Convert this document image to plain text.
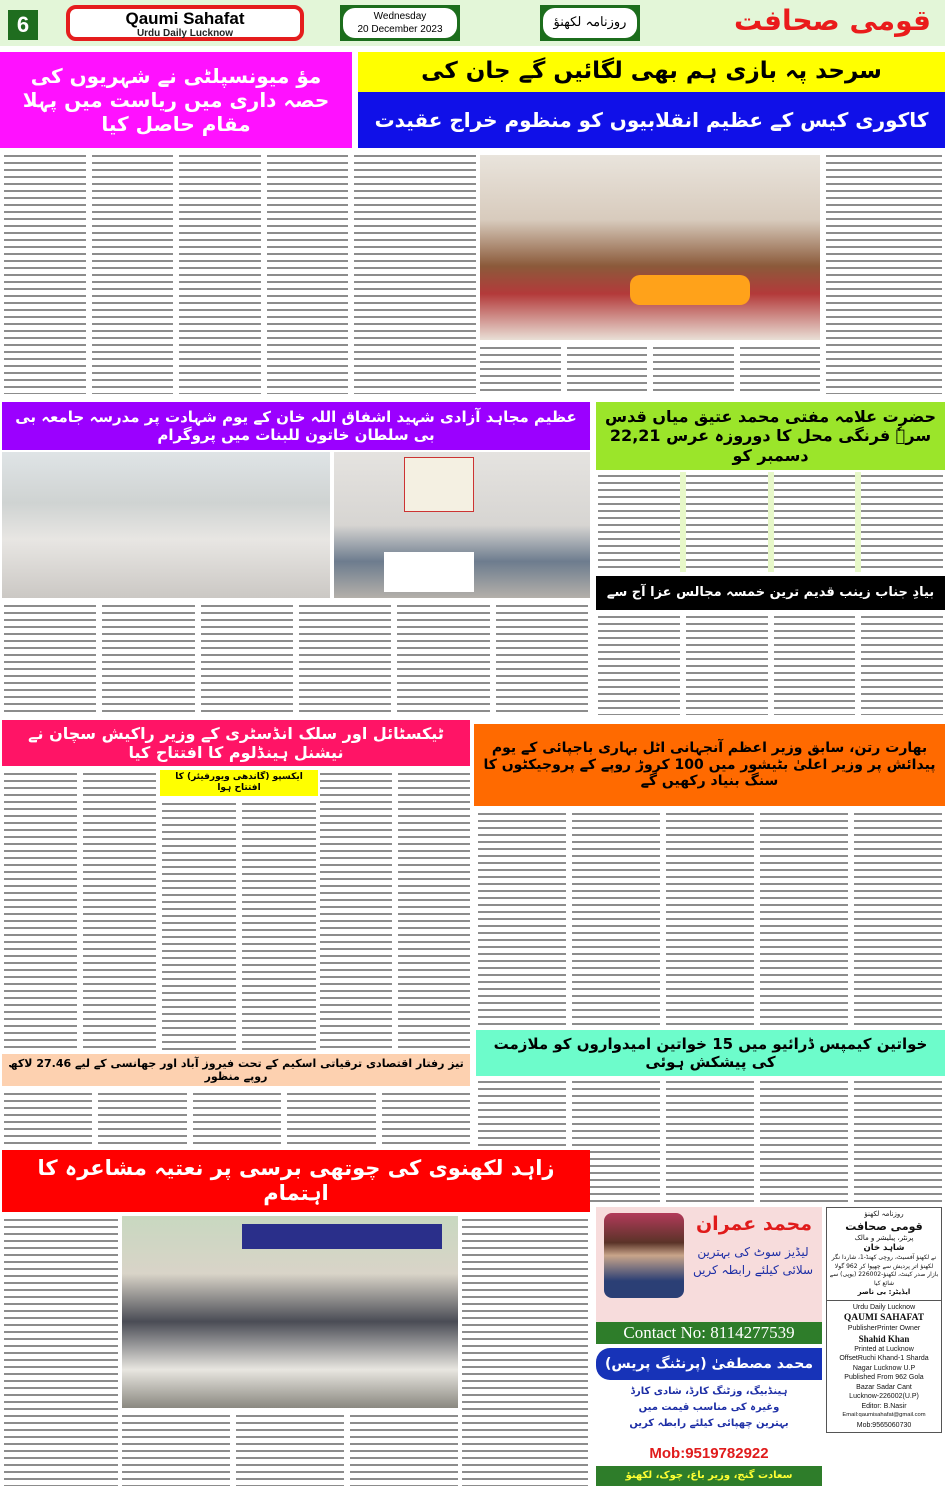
6	Qaumi Sahafat
Urdu Daily Lucknow
Wednesday
20 December 2023	روزنامہ لکھنؤ	قومی صحافت
مؤ میونسپلٹی نے شہریوں کی حصہ داری میں ریاست میں پہلا مقام حاصل کیا
سرحد پہ بازی ہم بھی لگائیں گے جان کی
کاکوری کیس کے عظیم انقلابیوں کو منظوم خراج عقیدت
عظیم مجاہد آزادی شہید اشفاق اللہ خان کے یوم شہادت پر مدرسہ جامعہ بی بی سلطان خاتون للبنات میں پروگرام
حضرت علامہ مفتی محمد عتیق میاں قدس سرہٗ فرنگی محل کا دوروزہ عرس 22,21 دسمبر کو
بیادِ جناب زینب قدیم ترین خمسہ مجالس عزا آج سے
ٹیکسٹائل اور سلک انڈسٹری کے وزیر راکیش سچان نے نیشنل ہینڈلوم کا افتتاح کیا
ایکسپو (گاندھی ویورفیئر) کا افتتاح ہوا
بھارت رتن، سابق وزیر اعظم آنجہانی اٹل بہاری باجپائی کے یوم پیدائش پر وزیر اعلیٰ بٹیشور میں 100 کروڑ روپے کے پروجیکٹوں کا سنگ بنیاد رکھیں گے
خواتین کیمپس ڈرائیو میں 15 خواتین امیدواروں کو ملازمت کی پیشکش ہوئی
تیز رفتار اقتصادی ترقیاتی اسکیم کے تحت فیروز آباد اور جھانسی کے لیے 27.46 لاکھ روپے منظور
زاہد لکھنوی کی چوتھی برسی پر نعتیہ مشاعرہ کا اہتمام
محمد عمران
لیڈیز سوٹ کی بہترین
سلائی کیلئے رابطہ کریں
Contact No: 8114277539
محمد مصطفیٰ (پرنٹنگ پریس)
ہینڈبیگ، وزٹنگ کارڈ، شادی کارڈ
وغیرہ کی مناسب قیمت میں
بہترین چھپائی کیلئے رابطہ کریں
Mob:9519782922
سعادت گنج، وزیر باغ، چوک، لکھنؤ
روزنامہ لکھنؤ
قومی صحافت
پرنٹر، پبلیشر و مالک
شاہد خان
نے لکھنؤ آفسیٹ، روچی کھنڈ-1، شاردا نگر لکھنؤ اتر پردیش سے چھپوا کر 962 گولا بازار صدر کینٹ، لکھنؤ-226002 (یوپی) سے شائع کیا
ایڈیٹر: بی ناصر
Urdu Daily Lucknow
QAUMI SAHAFAT
PublisherPrinter Owner
Shahid Khan
Printed at Lucknow
OffsetRuchi Khand-1 Sharda
Nagar Lucknow U.P
Published From 962 Gola
Bazar Sadar Cant
Lucknow-226002(U.P)
Editor: B.Nasir
Email:qaumisahafat@gmail.com
Mob:9565060730
